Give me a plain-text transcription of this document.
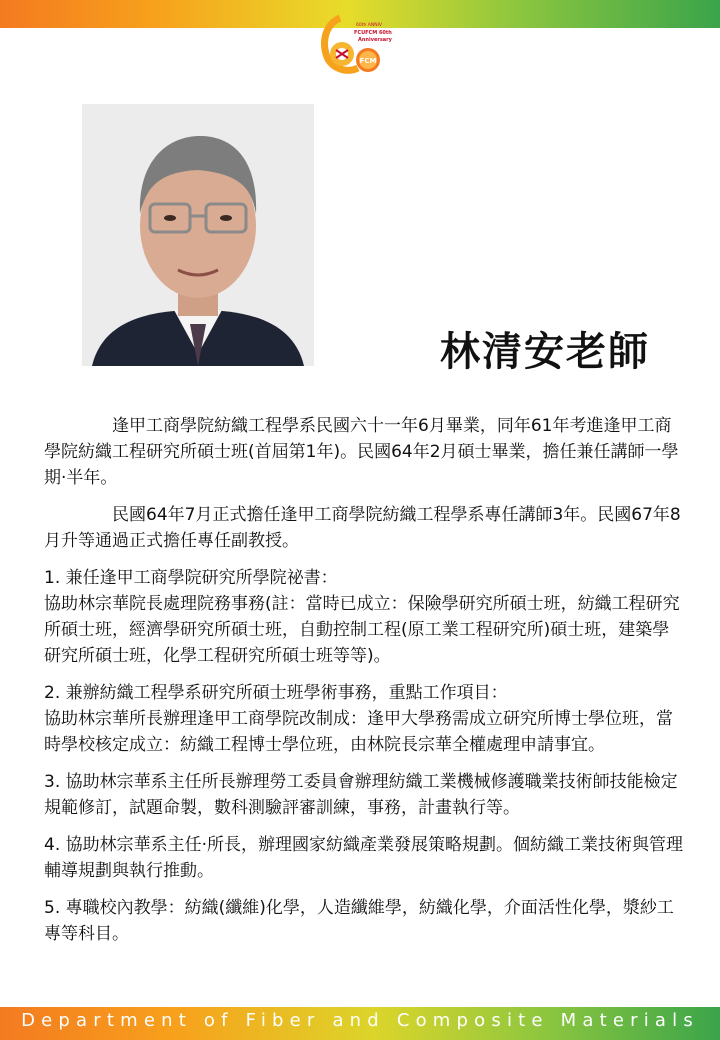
FCM
60th ANNIV
FCUFCM 60th
Anniversary
林清安老師

逢甲工商學院紡織工程學系民國六十一年6月畢業，同年61年考進逢甲工商學院紡織工程研究所碩士班(首屆第1年)。民國64年2月碩士畢業，擔任兼任講師一學期·半年。

民國64年7月正式擔任逢甲工商學院紡織工程學系專任講師3年。民國67年8月升等通過正式擔任專任副教授。

1. 兼任逢甲工商學院研究所學院祕書：
協助林宗華院長處理院務事務(註：當時已成立：保險學研究所碩士班，紡織工程研究所碩士班，經濟學研究所碩士班，自動控制工程(原工業工程研究所)碩士班，建築學研究所碩士班，化學工程研究所碩士班等等)。

2. 兼辦紡織工程學系研究所碩士班學術事務，重點工作項目：
協助林宗華所長辦理逢甲工商學院改制成：逢甲大學務需成立研究所博士學位班，當時學校核定成立：紡織工程博士學位班，由林院長宗華全權處理申請事宜。

3. 協助林宗華系主任所長辦理勞工委員會辦理紡織工業機械修護職業技術師技能檢定規範修訂，試題命製，數科測驗評審訓練，事務，計畫執行等。

4. 協助林宗華系主任·所長，辦理國家紡織產業發展策略規劃。個紡織工業技術與管理輔導規劃與執行推動。

5. 專職校內教學：紡織(纖維)化學，人造纖維學，紡織化學，介面活性化學，漿紗工專等科目。

Department of Fiber and Composite Materials
